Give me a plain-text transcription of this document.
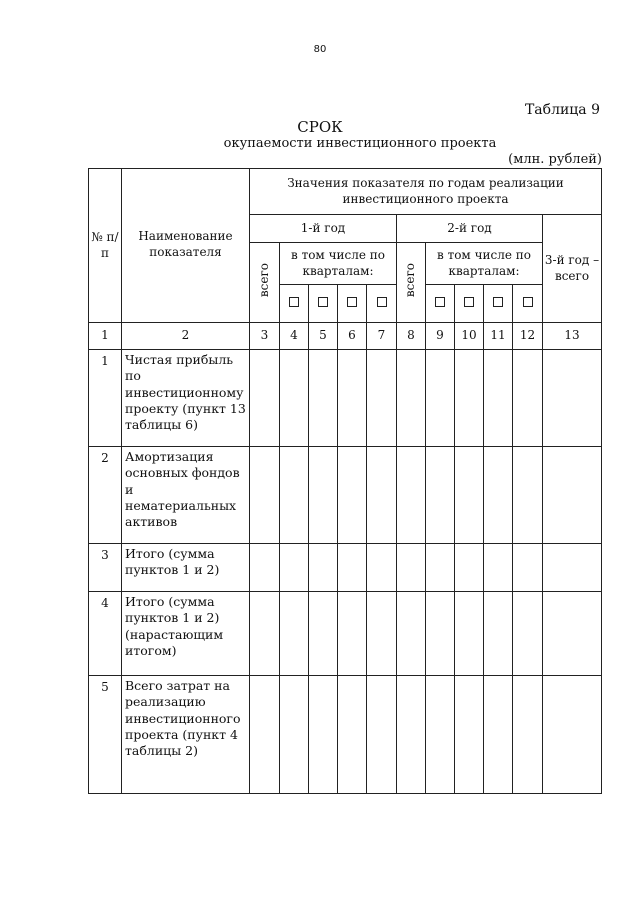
80
Таблица 9
СРОК
окупаемости инвестиционного проекта
(млн. рублей)
№ п/п	Наименование показателя	Значения показателя по годам реализации инвестиционного проекта										
		1-й год					2-й год					3-й год – всего
		всего	в том числе по кварталам:				всего	в том числе по кварталам:				

1	2	3	4	5	6	7	8	9	10	11	12	13
1	Чистая прибыль по инвестиционному проекту (пункт 13 таблицы 6)											
2	Амортизация основных фондов и нематериальных активов											
3	Итого (сумма пунктов 1 и 2)											
4	Итого (сумма пунктов 1 и 2) (нарастающим итогом)											
5	Всего затрат на реализацию инвестиционного проекта (пункт 4 таблицы 2)											
